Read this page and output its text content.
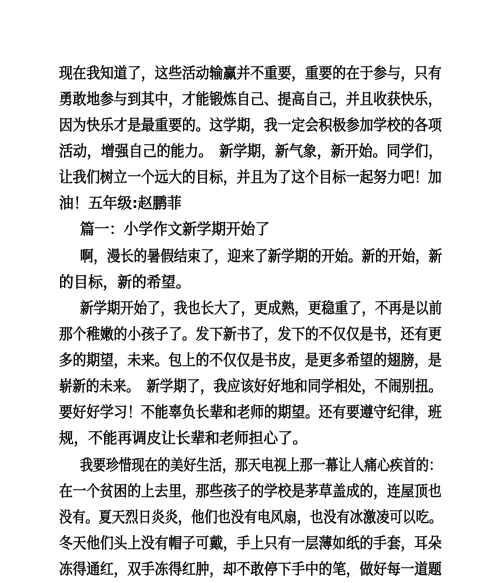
现在我知道了，这些活动输赢并不重要，重要的在于参与，只有
勇敢地参与到其中，才能锻炼自己、提高自己，并且收获快乐，
因为快乐才是最重要的。这学期，我一定会积极参加学校的各项
活动，增强自己的能力。　新学期，新气象，新开始。同学们，
让我们树立一个远大的目标，并且为了这个目标一起努力吧！加
油！五年级:赵鹏菲
篇一：小学作文新学期开始了
啊，漫长的暑假结束了，迎来了新学期的开始。新的开始，新
的目标，新的希望。
新学期开始了，我也长大了，更成熟，更稳重了，不再是以前
那个稚嫩的小孩子了。发下新书了，发下的不仅仅是书，还有更
多的期望，未来。包上的不仅仅是书皮，是更多希望的翅膀，是
崭新的未来。　新学期了，我应该好好地和同学相处，不闹别扭。
要好好学习！不能辜负长辈和老师的期望。还有要遵守纪律，班
规，不能再调皮让长辈和老师担心了。
我要珍惜现在的美好生活，那天电视上那一幕让人痛心疾首的：
在一个贫困的上去里，那些孩子的学校是茅草盖成的，连屋顶也
没有。夏天烈日炎炎，他们也没有电风扇，也没有冰激凌可以吃。
冬天他们头上没有帽子可戴，手上只有一层薄如纸的手套，耳朵
冻得通红，双手冻得红肿，却不敢停下手中的笔，做好每一道题
